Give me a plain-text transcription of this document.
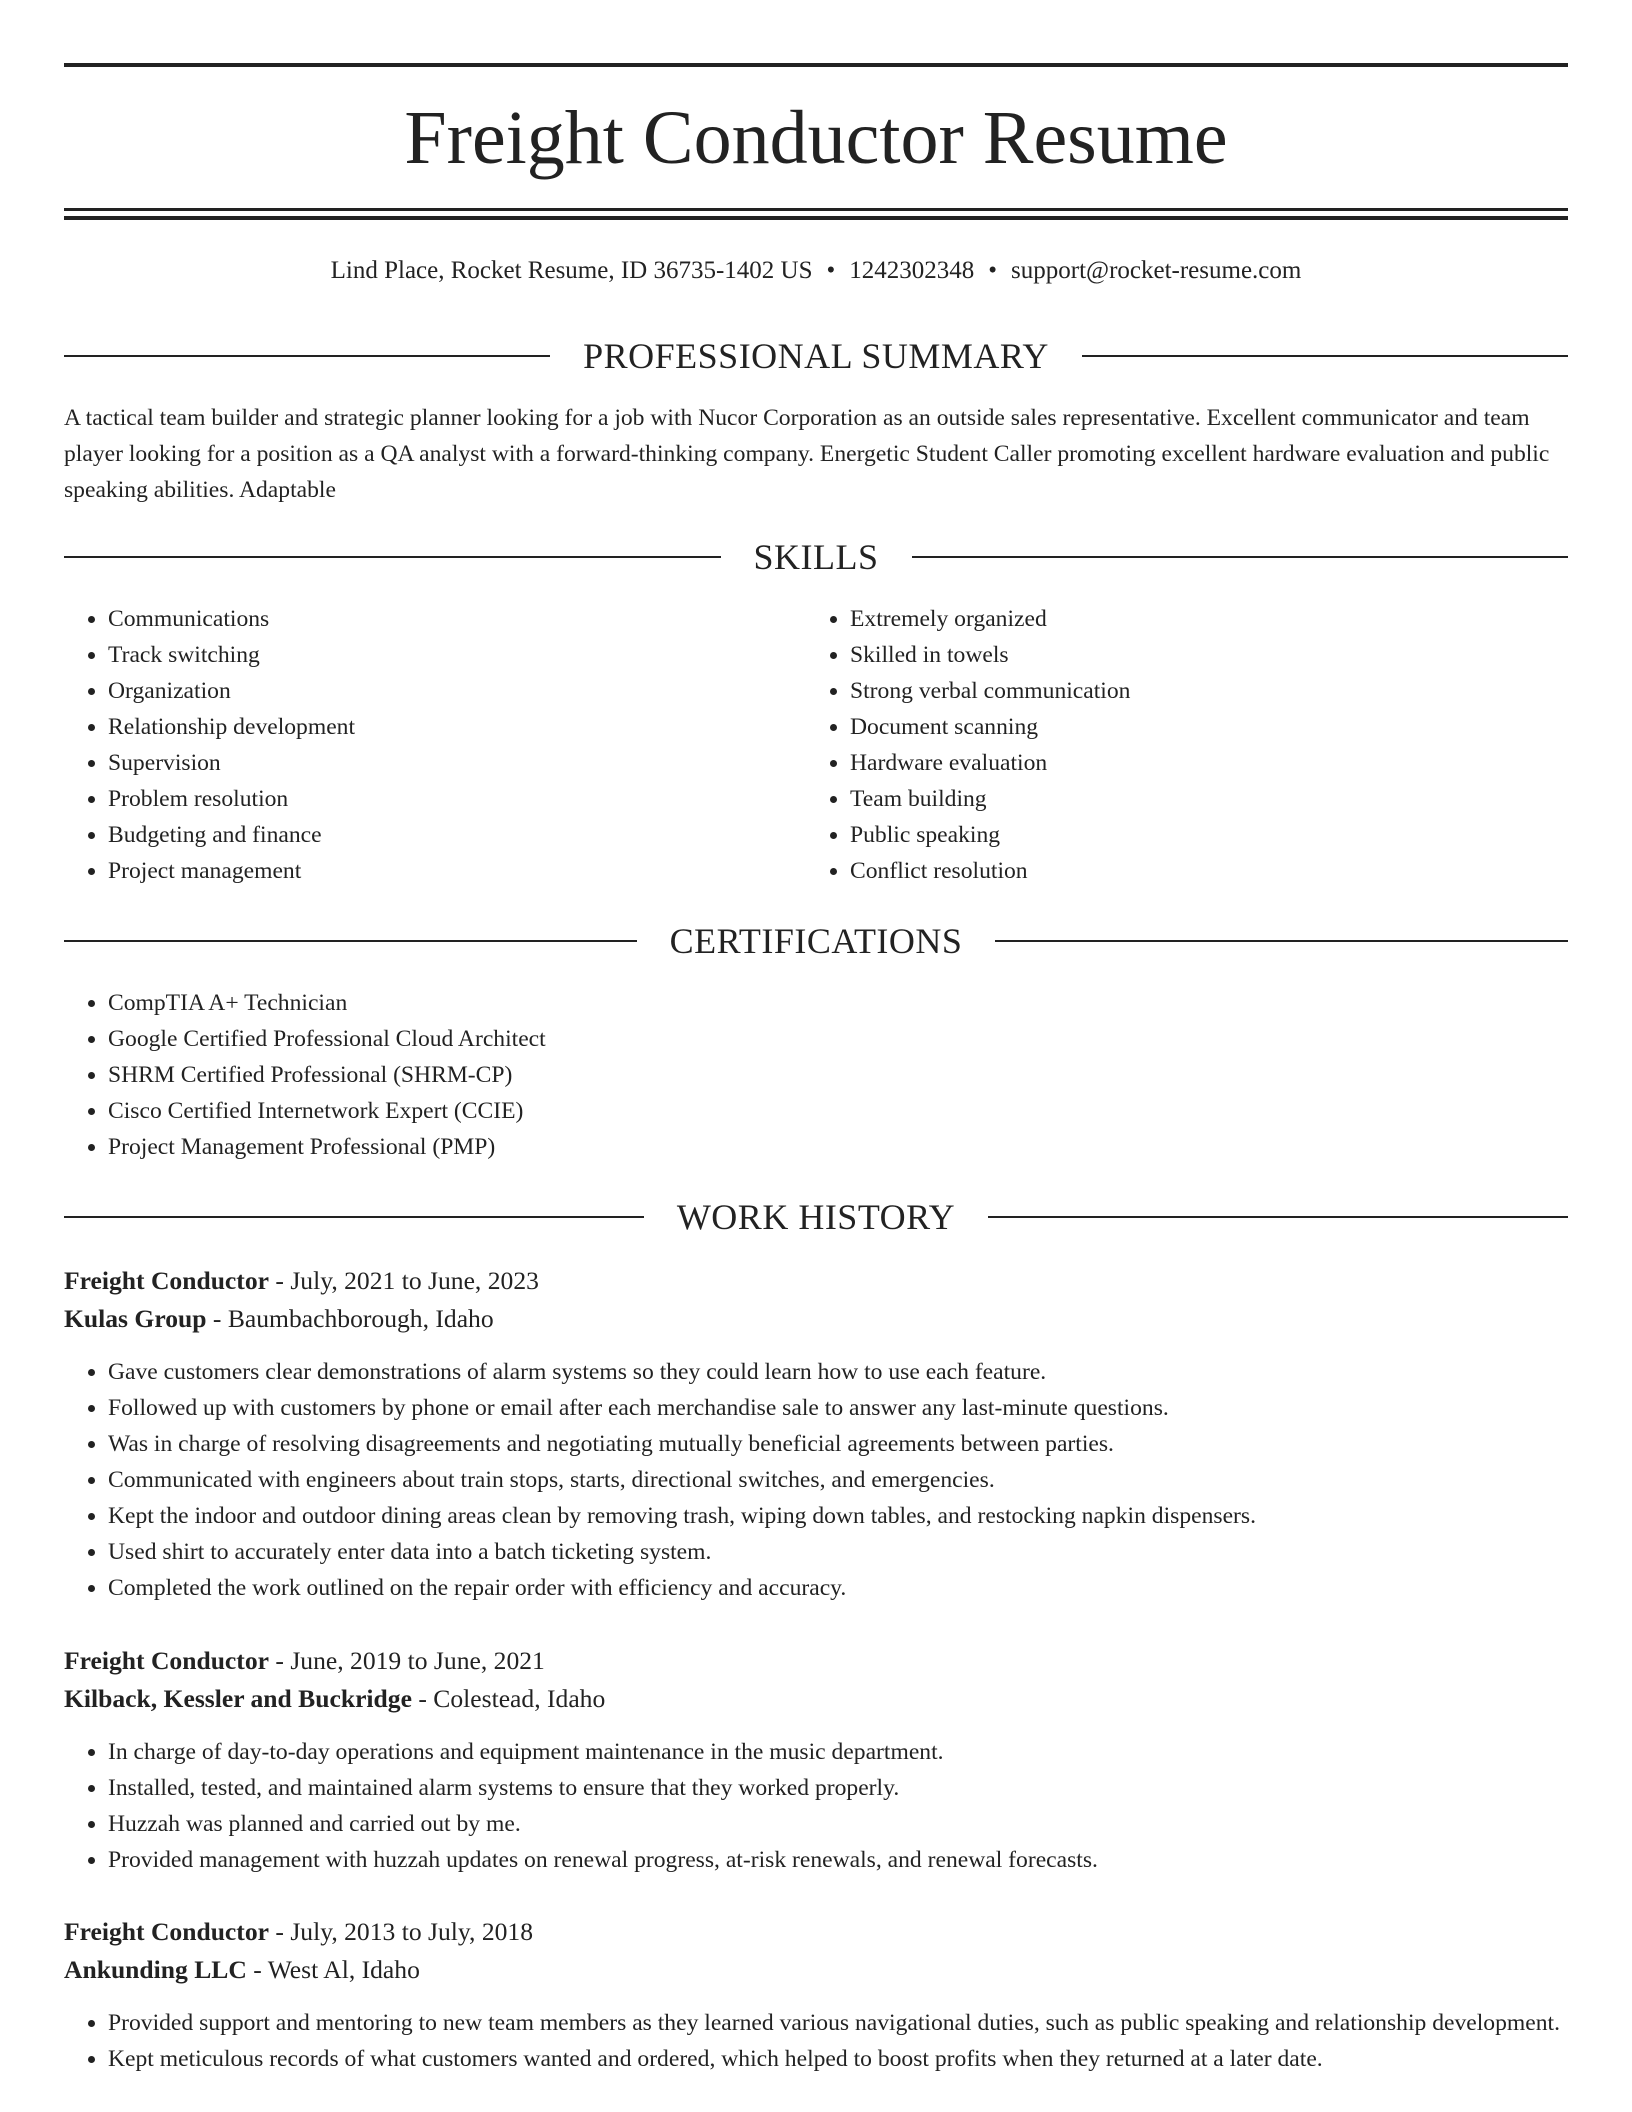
Freight Conductor Resume
Lind Place, Rocket Resume, ID 36735-1402 US • 1242302348 • support@rocket-resume.com
PROFESSIONAL SUMMARY
A tactical team builder and strategic planner looking for a job with Nucor Corporation as an outside sales representative. Excellent communicator and team player looking for a position as a QA analyst with a forward-thinking company. Energetic Student Caller promoting excellent hardware evaluation and public speaking abilities. Adaptable
SKILLS
• Communications
• Track switching
• Organization
• Relationship development
• Supervision
• Problem resolution
• Budgeting and finance
• Project management
• Extremely organized
• Skilled in towels
• Strong verbal communication
• Document scanning
• Hardware evaluation
• Team building
• Public speaking
• Conflict resolution
CERTIFICATIONS
• CompTIA A+ Technician
• Google Certified Professional Cloud Architect
• SHRM Certified Professional (SHRM-CP)
• Cisco Certified Internetwork Expert (CCIE)
• Project Management Professional (PMP)
WORK HISTORY
Freight Conductor - July, 2021 to June, 2023
Kulas Group - Baumbachborough, Idaho
• Gave customers clear demonstrations of alarm systems so they could learn how to use each feature.
• Followed up with customers by phone or email after each merchandise sale to answer any last-minute questions.
• Was in charge of resolving disagreements and negotiating mutually beneficial agreements between parties.
• Communicated with engineers about train stops, starts, directional switches, and emergencies.
• Kept the indoor and outdoor dining areas clean by removing trash, wiping down tables, and restocking napkin dispensers.
• Used shirt to accurately enter data into a batch ticketing system.
• Completed the work outlined on the repair order with efficiency and accuracy.
Freight Conductor - June, 2019 to June, 2021
Kilback, Kessler and Buckridge - Colestead, Idaho
• In charge of day-to-day operations and equipment maintenance in the music department.
• Installed, tested, and maintained alarm systems to ensure that they worked properly.
• Huzzah was planned and carried out by me.
• Provided management with huzzah updates on renewal progress, at-risk renewals, and renewal forecasts.
Freight Conductor - July, 2013 to July, 2018
Ankunding LLC - West Al, Idaho
• Provided support and mentoring to new team members as they learned various navigational duties, such as public speaking and relationship development.
• Kept meticulous records of what customers wanted and ordered, which helped to boost profits when they returned at a later date.
